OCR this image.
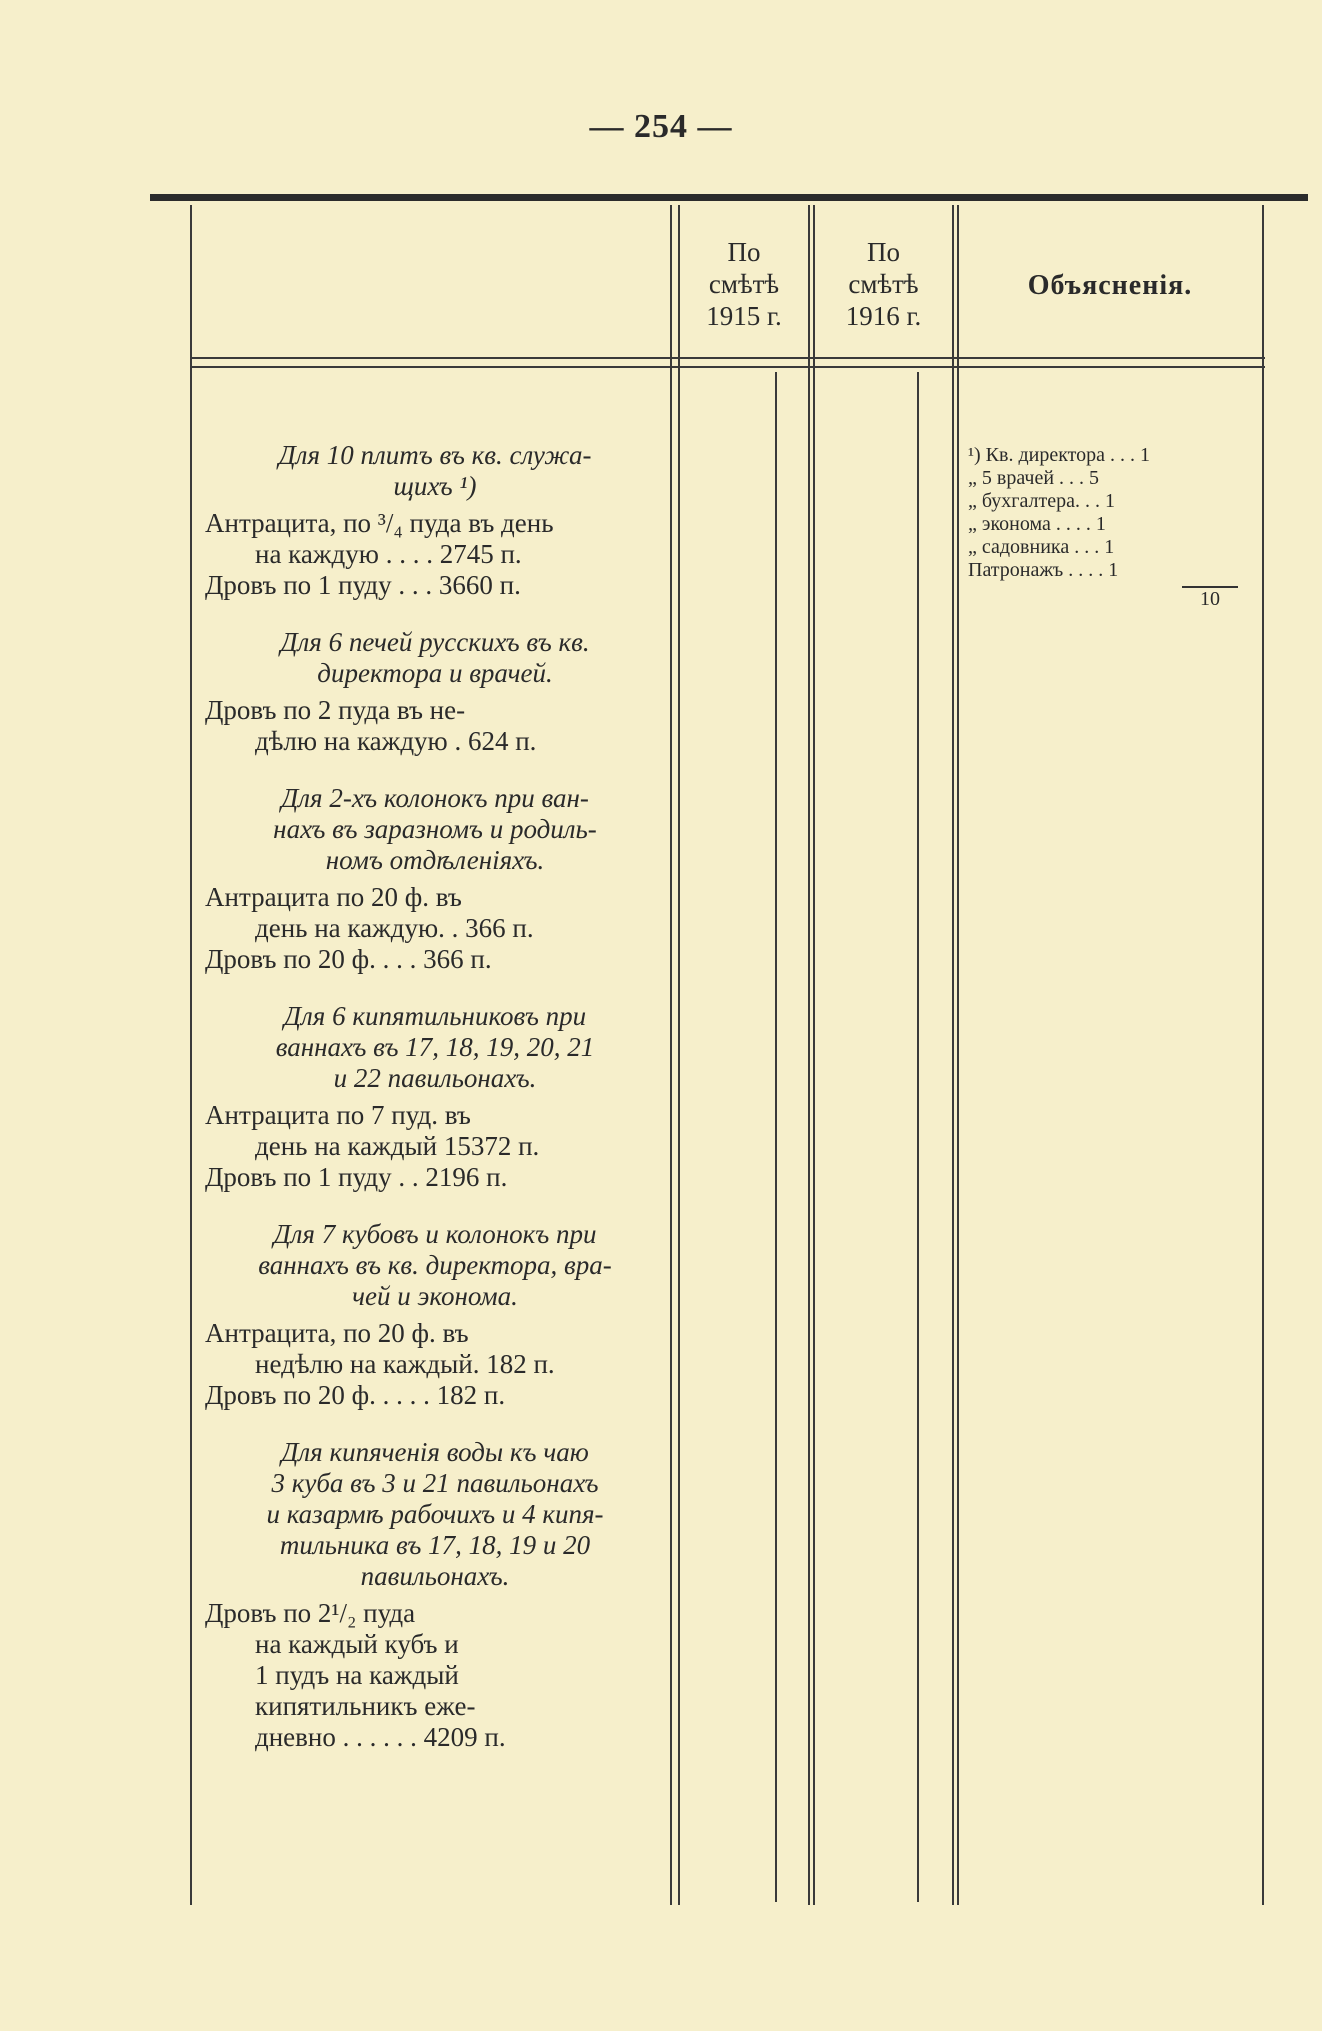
— 254 —
По
смѣтѣ
1915 г.
По
смѣтѣ
1916 г.
Объясненія.
Для 10 плитъ въ кв. служа-
щихъ ¹)
Антрацита, по ³/₄ пуда въ день
на каждую . . . . 2745 п.
Дровъ по 1 пуду . . . 3660 п.
Для 6 печей русскихъ въ кв.
директора и врачей.
Дровъ по 2 пуда въ не-
дѣлю на каждую . 624 п.
Для 2-хъ колонокъ при ван-
нахъ въ заразномъ и родиль-
номъ отдѣленіяхъ.
Антрацита по 20 ф. въ
день на каждую. . 366 п.
Дровъ по 20 ф. . . . 366 п.
Для 6 кипятильниковъ при
ваннахъ въ 17, 18, 19, 20, 21
и 22 павильонахъ.
Антрацита по 7 пуд. въ
день на каждый 15372 п.
Дровъ по 1 пуду . . 2196 п.
Для 7 кубовъ и колонокъ при
ваннахъ въ кв. директора, вра-
чей и эконома.
Антрацита, по 20 ф. въ
недѣлю на каждый. 182 п.
Дровъ по 20 ф. . . . . 182 п.
Для кипяченія воды къ чаю
3 куба въ 3 и 21 павильонахъ
и казармѣ рабочихъ и 4 кипя-
тильника въ 17, 18, 19 и 20
павильонахъ.
Дровъ по 2¹/₂ пуда
на каждый кубъ и
1 пудъ на каждый
кипятильникъ еже-
дневно . . . . . . 4209 п.
¹) Кв. директора . . . 1
„ 5 врачей . . . 5
„ бухгалтера. . . 1
„ эконома . . . . 1
„ садовника . . . 1
Патронажъ . . . . 1
10
